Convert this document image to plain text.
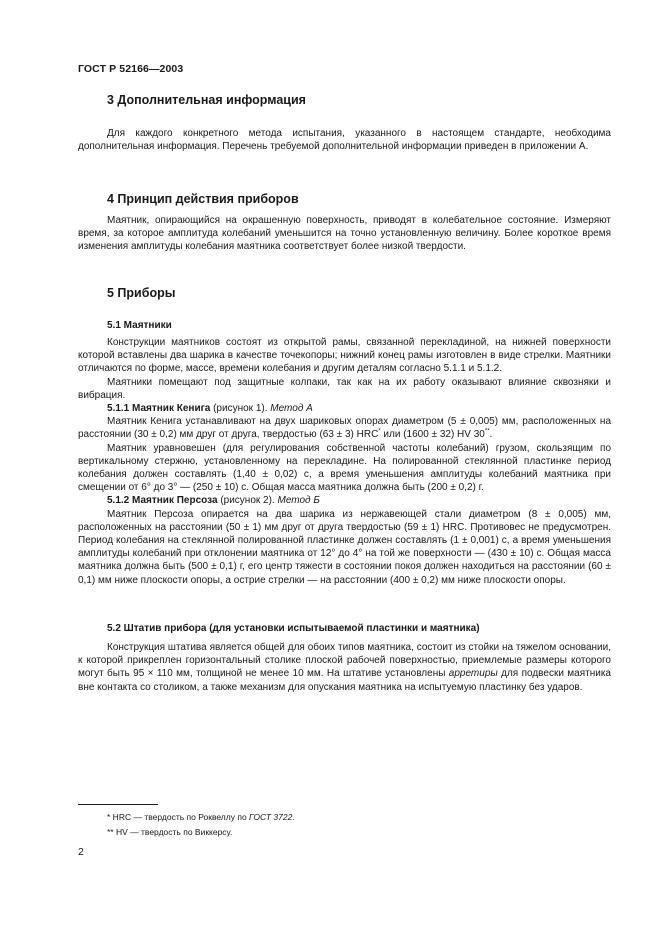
ГОСТ Р 52166—2003
3 Дополнительная информация

Для каждого конкретного метода испытания, указанного в настоящем стандарте, необходима дополнительная информация. Перечень требуемой дополнительной информации приведен в приложении А.

4 Принцип действия приборов

Маятник, опирающийся на окрашенную поверхность, приводят в колебательное состояние. Измеряют время, за которое амплитуда колебаний уменьшится на точно установленную величину. Более короткое время изменения амплитуды колебания маятника соответствует более низкой твердости.

5 Приборы
5.1 Маятники

Конструкции маятников состоят из открытой рамы, связанной перекладиной, на нижней поверхности которой вставлены два шарика в качестве точекопоры; нижний конец рамы изготовлен в виде стрелки. Маятники отличаются по форме, массе, времени колебания и другим деталям согласно 5.1.1 и 5.1.2.

Маятники помещают под защитные колпаки, так как на их работу оказывают влияние сквозняки и вибрация.

5.1.1 Маятник Кенига (рисунок 1). Метод А

Маятник Кенига устанавливают на двух шариковых опорах диаметром (5 ± 0,005) мм, расположенных на расстоянии (30 ± 0,2) мм друг от друга, твердостью (63 ± 3) HRC* или (1600 ± 32) HV 30**.

Маятник уравновешен (для регулирования собственной частоты колебаний) грузом, скользящим по вертикальному стержню, установленному на перекладине. На полированной стеклянной пластинке период колебания должен составлять (1,40 ± 0,02) с, а время уменьшения амплитуды колебаний маятника при смещении от 6° до 3° — (250 ± 10) с. Общая масса маятника должна быть (200 ± 0,2) г.

5.1.2 Маятник Персоза (рисунок 2). Метод Б

Маятник Персоза опирается на два шарика из нержавеющей стали диаметром (8 ± 0,005) мм, расположенных на расстоянии (50 ± 1) мм друг от друга твердостью (59 ± 1) HRC. Противовес не предусмотрен. Период колебания на стеклянной полированной пластинке должен составлять (1 ± 0,001) с, а время уменьшения амплитуды колебаний при отклонении маятника от 12° до 4° на той же поверхности — (430 ± 10) с. Общая масса маятника должна быть (500 ± 0,1) г, его центр тяжести в состоянии покоя должен находиться на расстоянии (60 ± 0,1) мм ниже плоскости опоры, а острие стрелки — на расстоянии (400 ± 0,2) мм ниже плоскости опоры.

5.2 Штатив прибора (для установки испытываемой пластинки и маятника)

Конструкция штатива является общей для обоих типов маятника, состоит из стойки на тяжелом основании, к которой прикреплен горизонтальный столике плоской рабочей поверхностью, приемлемые размеры которого могут быть 95 × 110 мм, толщиной не менее 10 мм. На штативе установлены арретиры для подвески маятника вне контакта со столиком, а также механизм для опускания маятника на испытуемую пластинку без ударов.

* HRC — твердость по Роквеллу по ГОСТ 3722.
** HV — твердость по Виккерсу.
2
